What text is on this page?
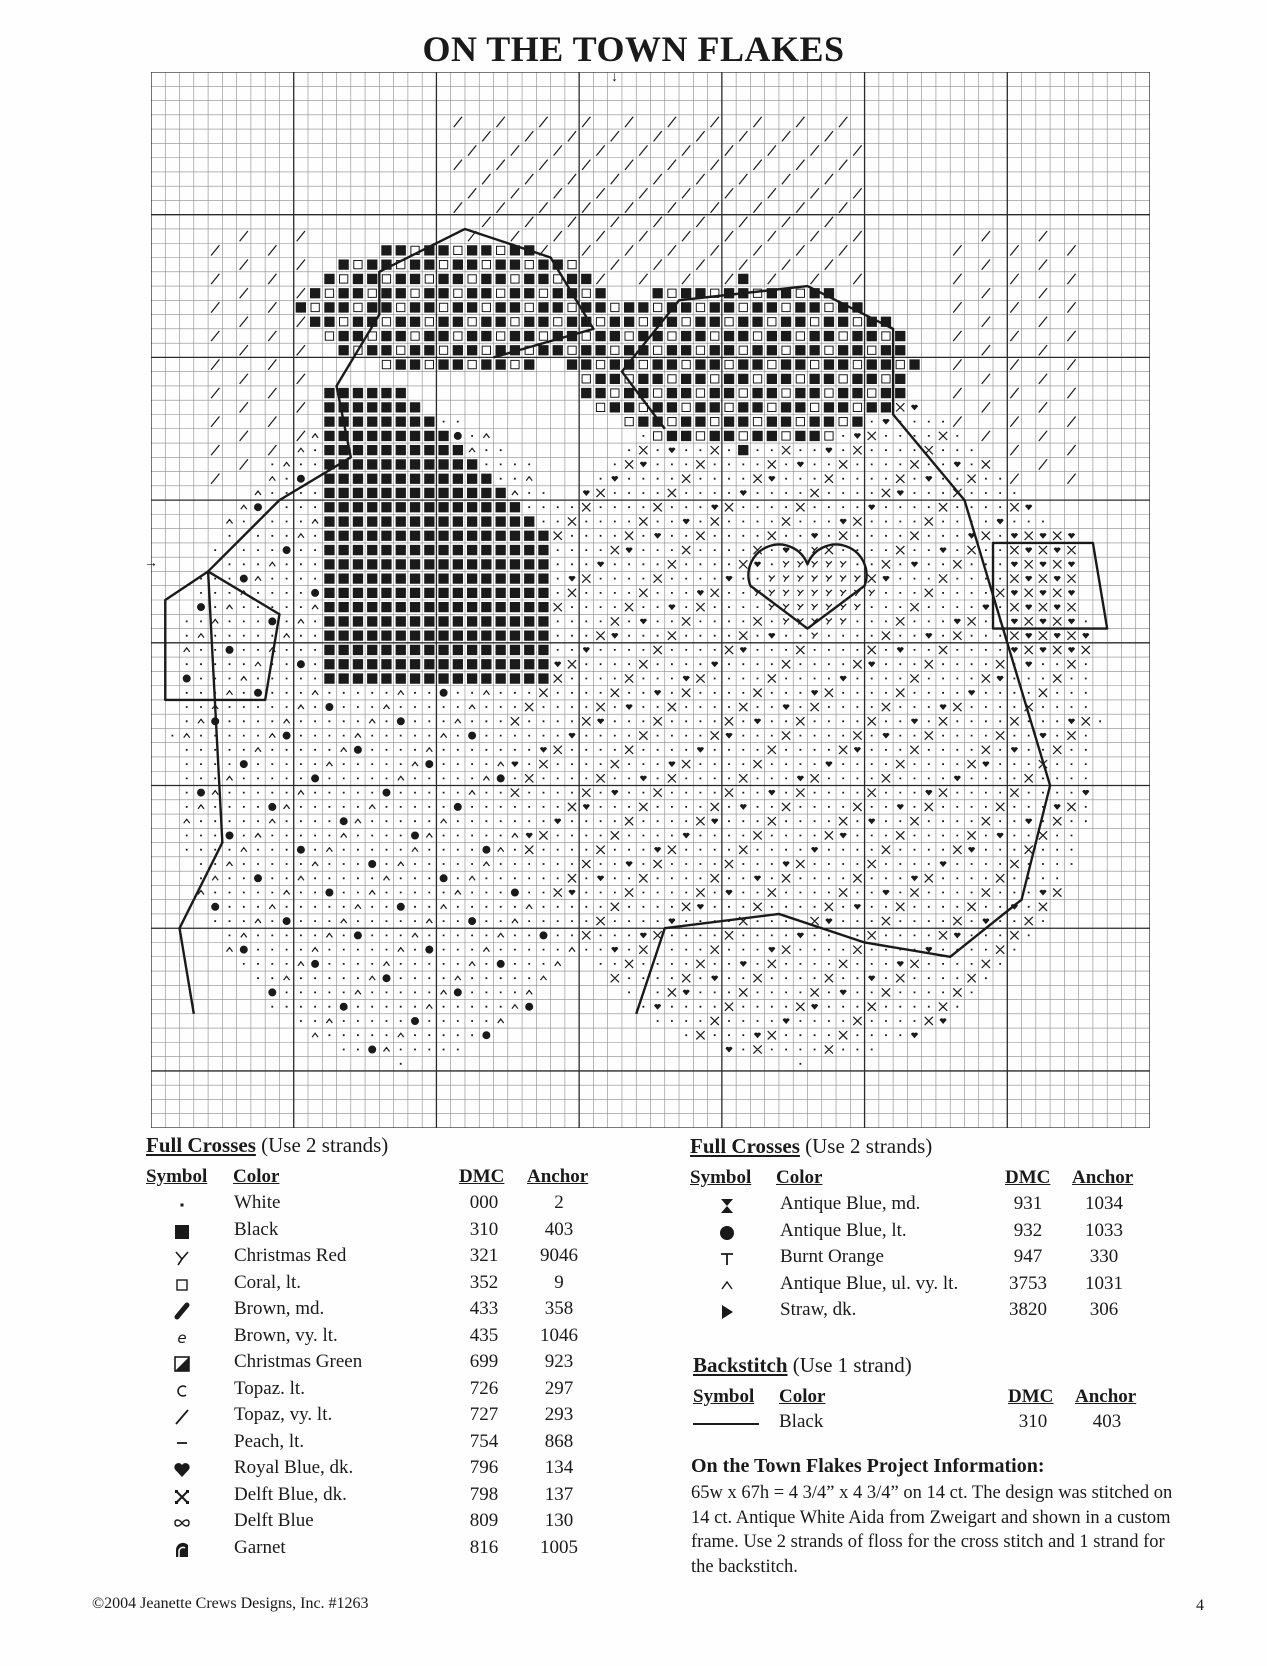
ON THE TOWN FLAKES
↓
→
Full Crosses (Use 2 strands)
Symbol Color	DMC Anchor
White	000	2
Black	310	403
Christmas Red	321	9046
Coral, lt.	352	9
Brown, md.	433	358
e Brown, vy. lt.	435	1046
Christmas Green	699	923
Topaz. lt.	726	297
Topaz, vy. lt.	727	293
Peach, lt.	754	868
Royal Blue, dk.	796	134
Delft Blue, dk.	798	137
Delft Blue	809	130
Garnet	816	1005
Full Crosses (Use 2 strands)
Symbol Color	DMC Anchor
Antique Blue, md.	931	1034
Antique Blue, lt.	932	1033
Burnt Orange	947	330
Antique Blue, ul. vy. lt.	3753	1031
Straw, dk.	3820	306
Backstitch (Use 1 strand)
Symbol Color	DMC Anchor
Black	310	403
On the Town Flakes Project Information:
65w x 67h = 4 3/4” x 4 3/4” on 14 ct. The design was stitched on 14 ct. Antique White Aida from Zweigart and shown in a custom frame. Use 2 strands of floss for the cross stitch and 1 strand for the backstitch.
©2004 Jeanette Crews Designs, Inc. #1263	4
